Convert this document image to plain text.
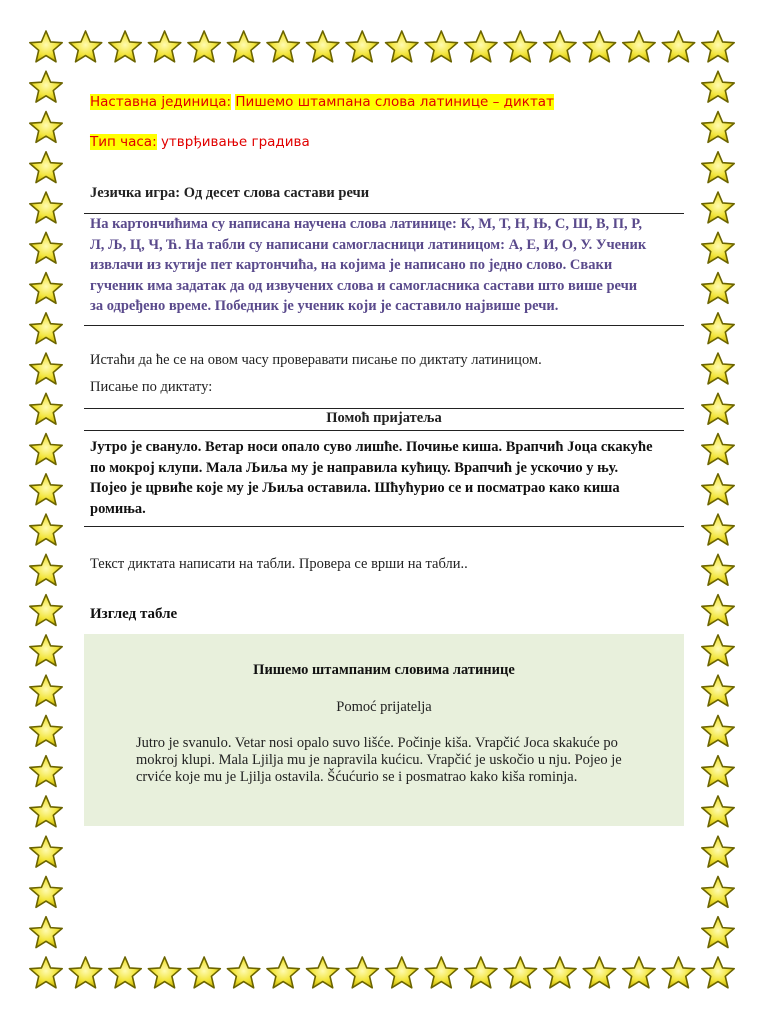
Наставна јединица: Пишемо штампана слова латинице – диктат
Тип часа: утврђивање градива
Језичка игра: Од десет слова састави речи
На картончићима су написана научена слова латинице: К, М, Т, Н, Њ, С, Ш, В, П, Р,
Л, Љ, Ц, Ч, Ћ. На табли су написани самогласници латиницом: А, Е, И, О, У. Ученик
извлачи из кутије пет картончића, на којима је написано по једно слово. Сваки
гученик има задатак да од извучених слова и самогласника састави што више речи
за одређено време. Победник је ученик који је саставило највише речи.
Истаћи да ће се на овом часу проверавати писање по диктату латиницом.
Писање по диктату:
Помоћ пријатеља
Јутро је свануло. Ветар носи опало суво лишће. Почиње киша. Врапчић Јоца скакуће
по мокрој клупи. Мала Љиља му је направила кућицу. Врапчић је ускочио у њу.
Појео је црвиће које му је Љиља оставила. Шћућурио се и посматрао како киша
ромиња.
Текст диктата написати на табли. Провера се врши на табли..
Изглед табле
Пишемо штампаним словима латинице
Pomoć prijatelja
Jutro je svanulo. Vetar nosi opalo suvo lišće. Počinje kiša. Vrapčić Joca skakuće po
mokroj klupi. Mala Ljilja mu je napravila kućicu. Vrapčić je uskočio u nju. Pojeo je
crviće koje mu je Ljilja ostavila. Šćućurio se i posmatrao kako kiša rominja.
